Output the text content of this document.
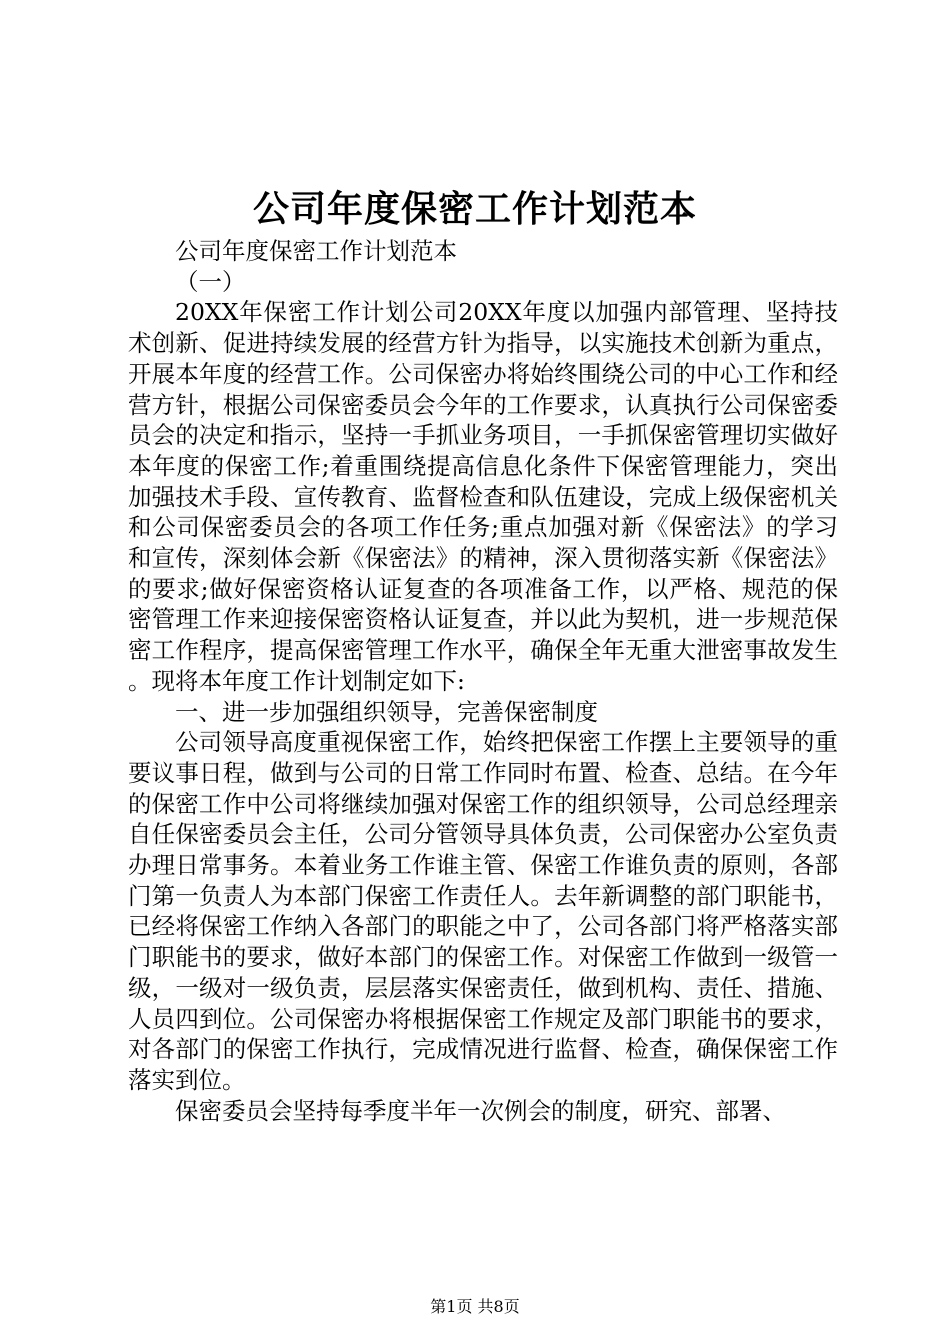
公司年度保密工作计划范本

公司年度保密工作计划范本

（一）

20XX年保密工作计划公司20XX年度以加强内部管理、坚持技术创新、促进持续发展的经营方针为指导，以实施技术创新为重点，开展本年度的经营工作。公司保密办将始终围绕公司的中心工作和经营方针，根据公司保密委员会今年的工作要求，认真执行公司保密委员会的决定和指示，坚持一手抓业务项目，一手抓保密管理切实做好本年度的保密工作;着重围绕提高信息化条件下保密管理能力，突出加强技术手段、宣传教育、监督检查和队伍建设，完成上级保密机关和公司保密委员会的各项工作任务;重点加强对新《保密法》的学习和宣传，深刻体会新《保密法》的精神，深入贯彻落实新《保密法》的要求;做好保密资格认证复查的各项准备工作，以严格、规范的保密管理工作来迎接保密资格认证复查，并以此为契机，进一步规范保密工作程序，提高保密管理工作水平，确保全年无重大泄密事故发生。现将本年度工作计划制定如下:

一、进一步加强组织领导，完善保密制度

公司领导高度重视保密工作，始终把保密工作摆上主要领导的重要议事日程，做到与公司的日常工作同时布置、检查、总结。在今年的保密工作中公司将继续加强对保密工作的组织领导，公司总经理亲自任保密委员会主任，公司分管领导具体负责，公司保密办公室负责办理日常事务。本着业务工作谁主管、保密工作谁负责的原则，各部门第一负责人为本部门保密工作责任人。去年新调整的部门职能书，已经将保密工作纳入各部门的职能之中了，公司各部门将严格落实部门职能书的要求，做好本部门的保密工作。对保密工作做到一级管一级，一级对一级负责，层层落实保密责任，做到机构、责任、措施、人员四到位。公司保密办将根据保密工作规定及部门职能书的要求，对各部门的保密工作执行，完成情况进行监督、检查，确保保密工作落实到位。

保密委员会坚持每季度半年一次例会的制度，研究、部署、

第1页 共8页
